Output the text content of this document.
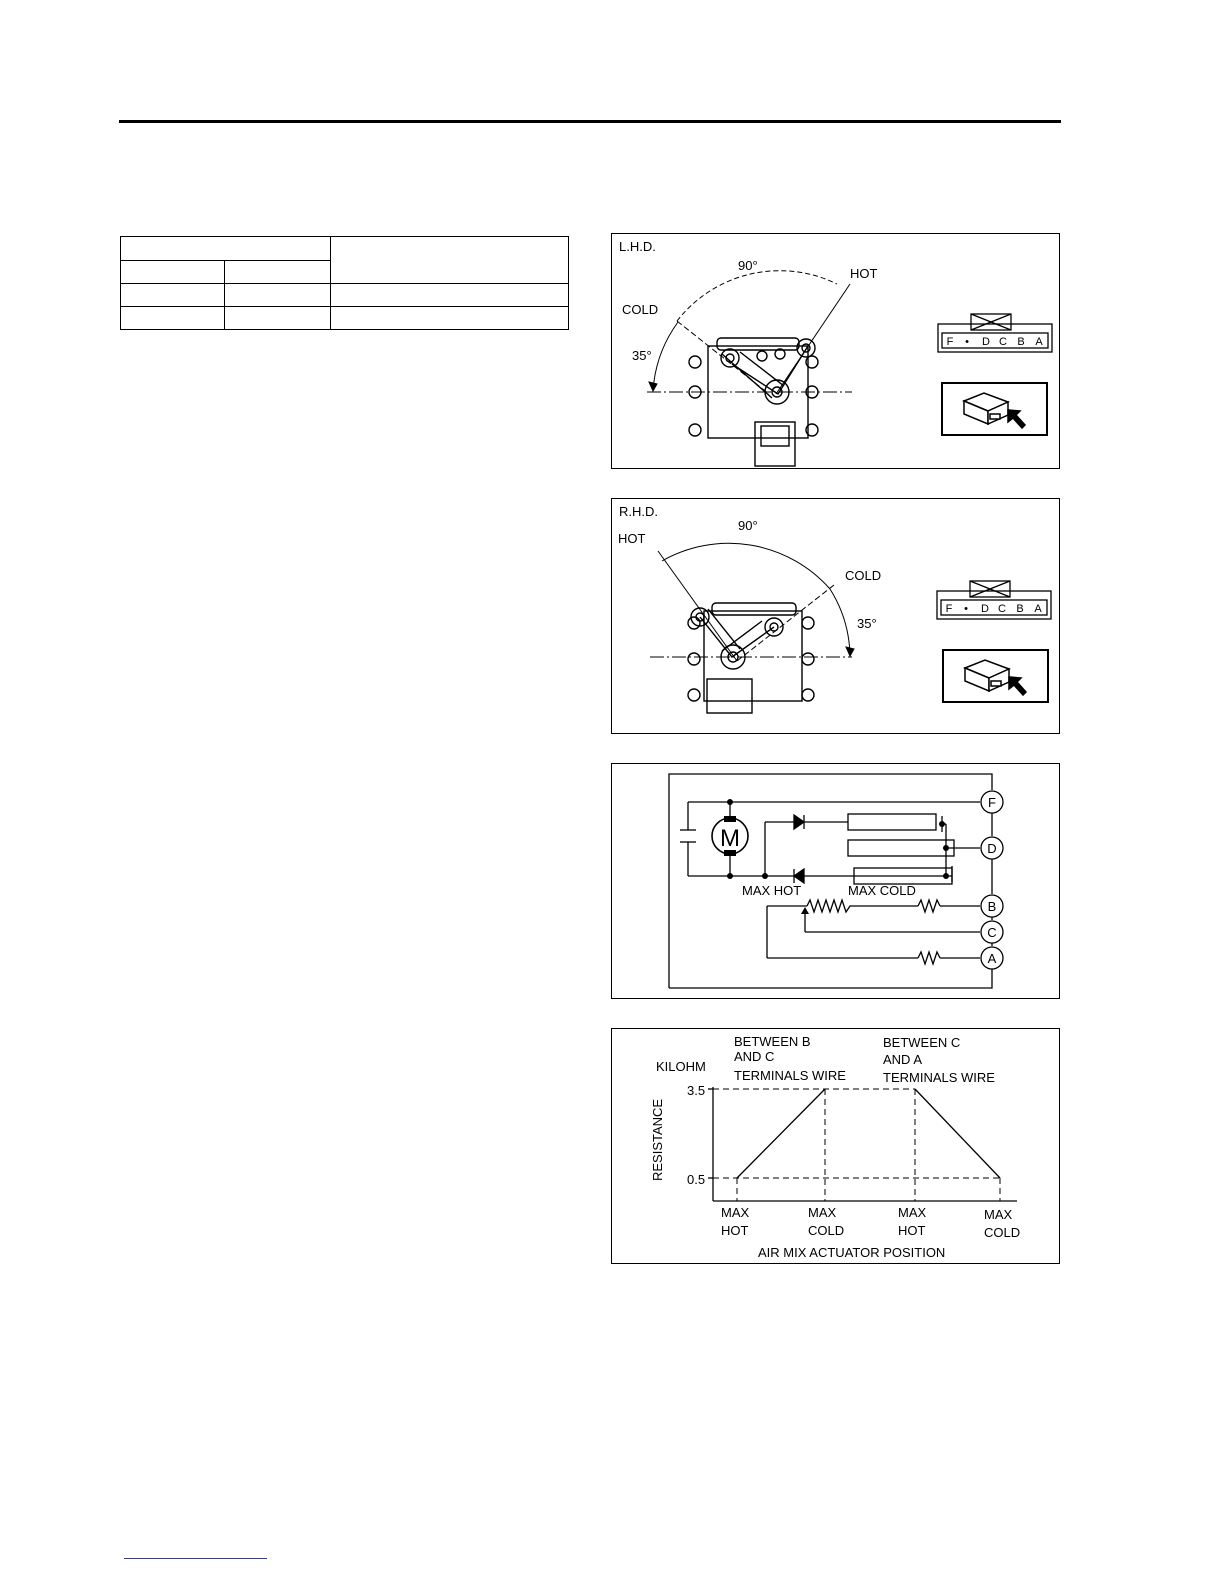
L.H.D.
90°
HOT
COLD
35°
F • D C B A
R.H.D.
90°
HOT
COLD
35°
F • D C B A
M
MAX HOT	MAX COLD
F
D
B
C
A
BETWEEN B
AND C
TERMINALS WIRE
BETWEEN C
AND A
TERMINALS WIRE
KILOHM
RESISTANCE
AIR MIX ACTUATOR POSITION
3.5
0.5
MAX
HOT
MAX
COLD
MAX
HOT
MAX
COLD
